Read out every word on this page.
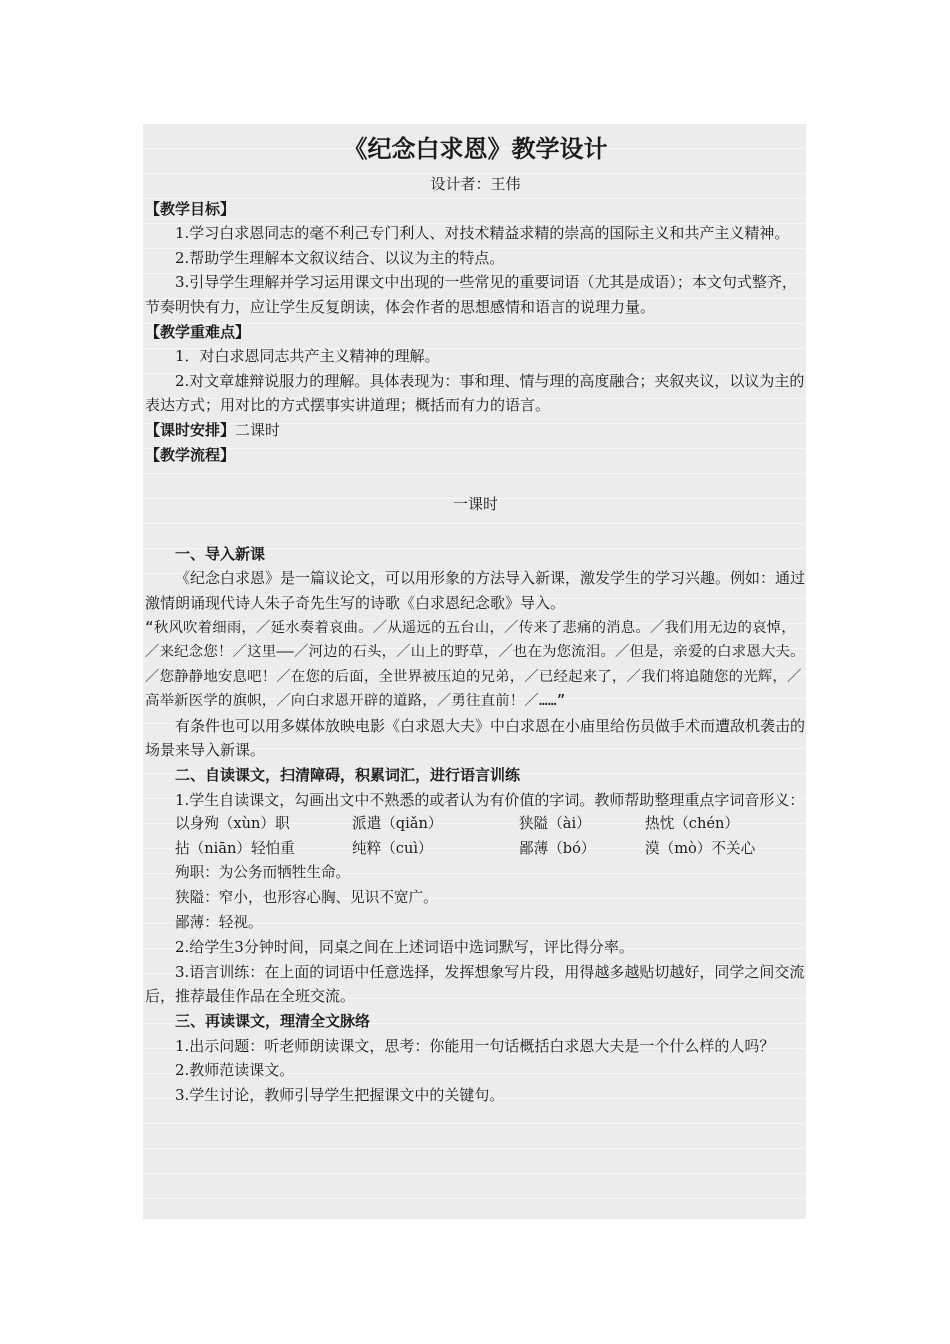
《纪念白求恩》教学设计
设计者：王伟
【教学目标】
1.学习白求恩同志的毫不利己专门利人、对技术精益求精的崇高的国际主义和共产主义精神。
2.帮助学生理解本文叙议结合、以议为主的特点。
3.引导学生理解并学习运用课文中出现的一些常见的重要词语（尤其是成语）；本文句式整齐，节奏明快有力，应让学生反复朗读，体会作者的思想感情和语言的说理力量。
【教学重难点】
1．对白求恩同志共产主义精神的理解。
2.对文章雄辩说服力的理解。具体表现为：事和理、情与理的高度融合；夹叙夹议，以议为主的表达方式；用对比的方式摆事实讲道理；概括而有力的语言。
【课时安排】二课时
【教学流程】
一课时
一、导入新课
《纪念白求恩》是一篇议论文，可以用形象的方法导入新课，激发学生的学习兴趣。例如：通过激情朗诵现代诗人朱子奇先生写的诗歌《白求恩纪念歌》导入。
“秋风吹着细雨，／延水奏着哀曲。／从遥远的五台山，／传来了悲痛的消息。／我们用无边的哀悼，／来纪念您！／这里——／河边的石头，／山上的野草，／也在为您流泪。／但是，亲爱的白求恩大夫。／您静静地安息吧！／在您的后面，全世界被压迫的兄弟，／已经起来了，／我们将追随您的光辉，／高举新医学的旗帜，／向白求恩开辟的道路，／勇往直前！／……”
有条件也可以用多媒体放映电影《白求恩大夫》中白求恩在小庙里给伤员做手术而遭敌机袭击的场景来导入新课。
二、自读课文，扫清障碍，积累词汇，进行语言训练
1.学生自读课文，勾画出文中不熟悉的或者认为有价值的字词。教师帮助整理重点字词音形义：
以身殉（xùn）职	派遣（qiǎn）	狭隘（ài）	热忱（chén）
拈（niān）轻怕重	纯粹（cuì）	鄙薄（bó）	漠（mò）不关心
殉职：为公务而牺牲生命。
狭隘：窄小，也形容心胸、见识不宽广。
鄙薄：轻视。
2.给学生3分钟时间，同桌之间在上述词语中选词默写，评比得分率。
3.语言训练：在上面的词语中任意选择，发挥想象写片段，用得越多越贴切越好，同学之间交流后，推荐最佳作品在全班交流。
三、再读课文，理清全文脉络
1.出示问题：听老师朗读课文，思考：你能用一句话概括白求恩大夫是一个什么样的人吗？
2.教师范读课文。
3.学生讨论，教师引导学生把握课文中的关键句。
